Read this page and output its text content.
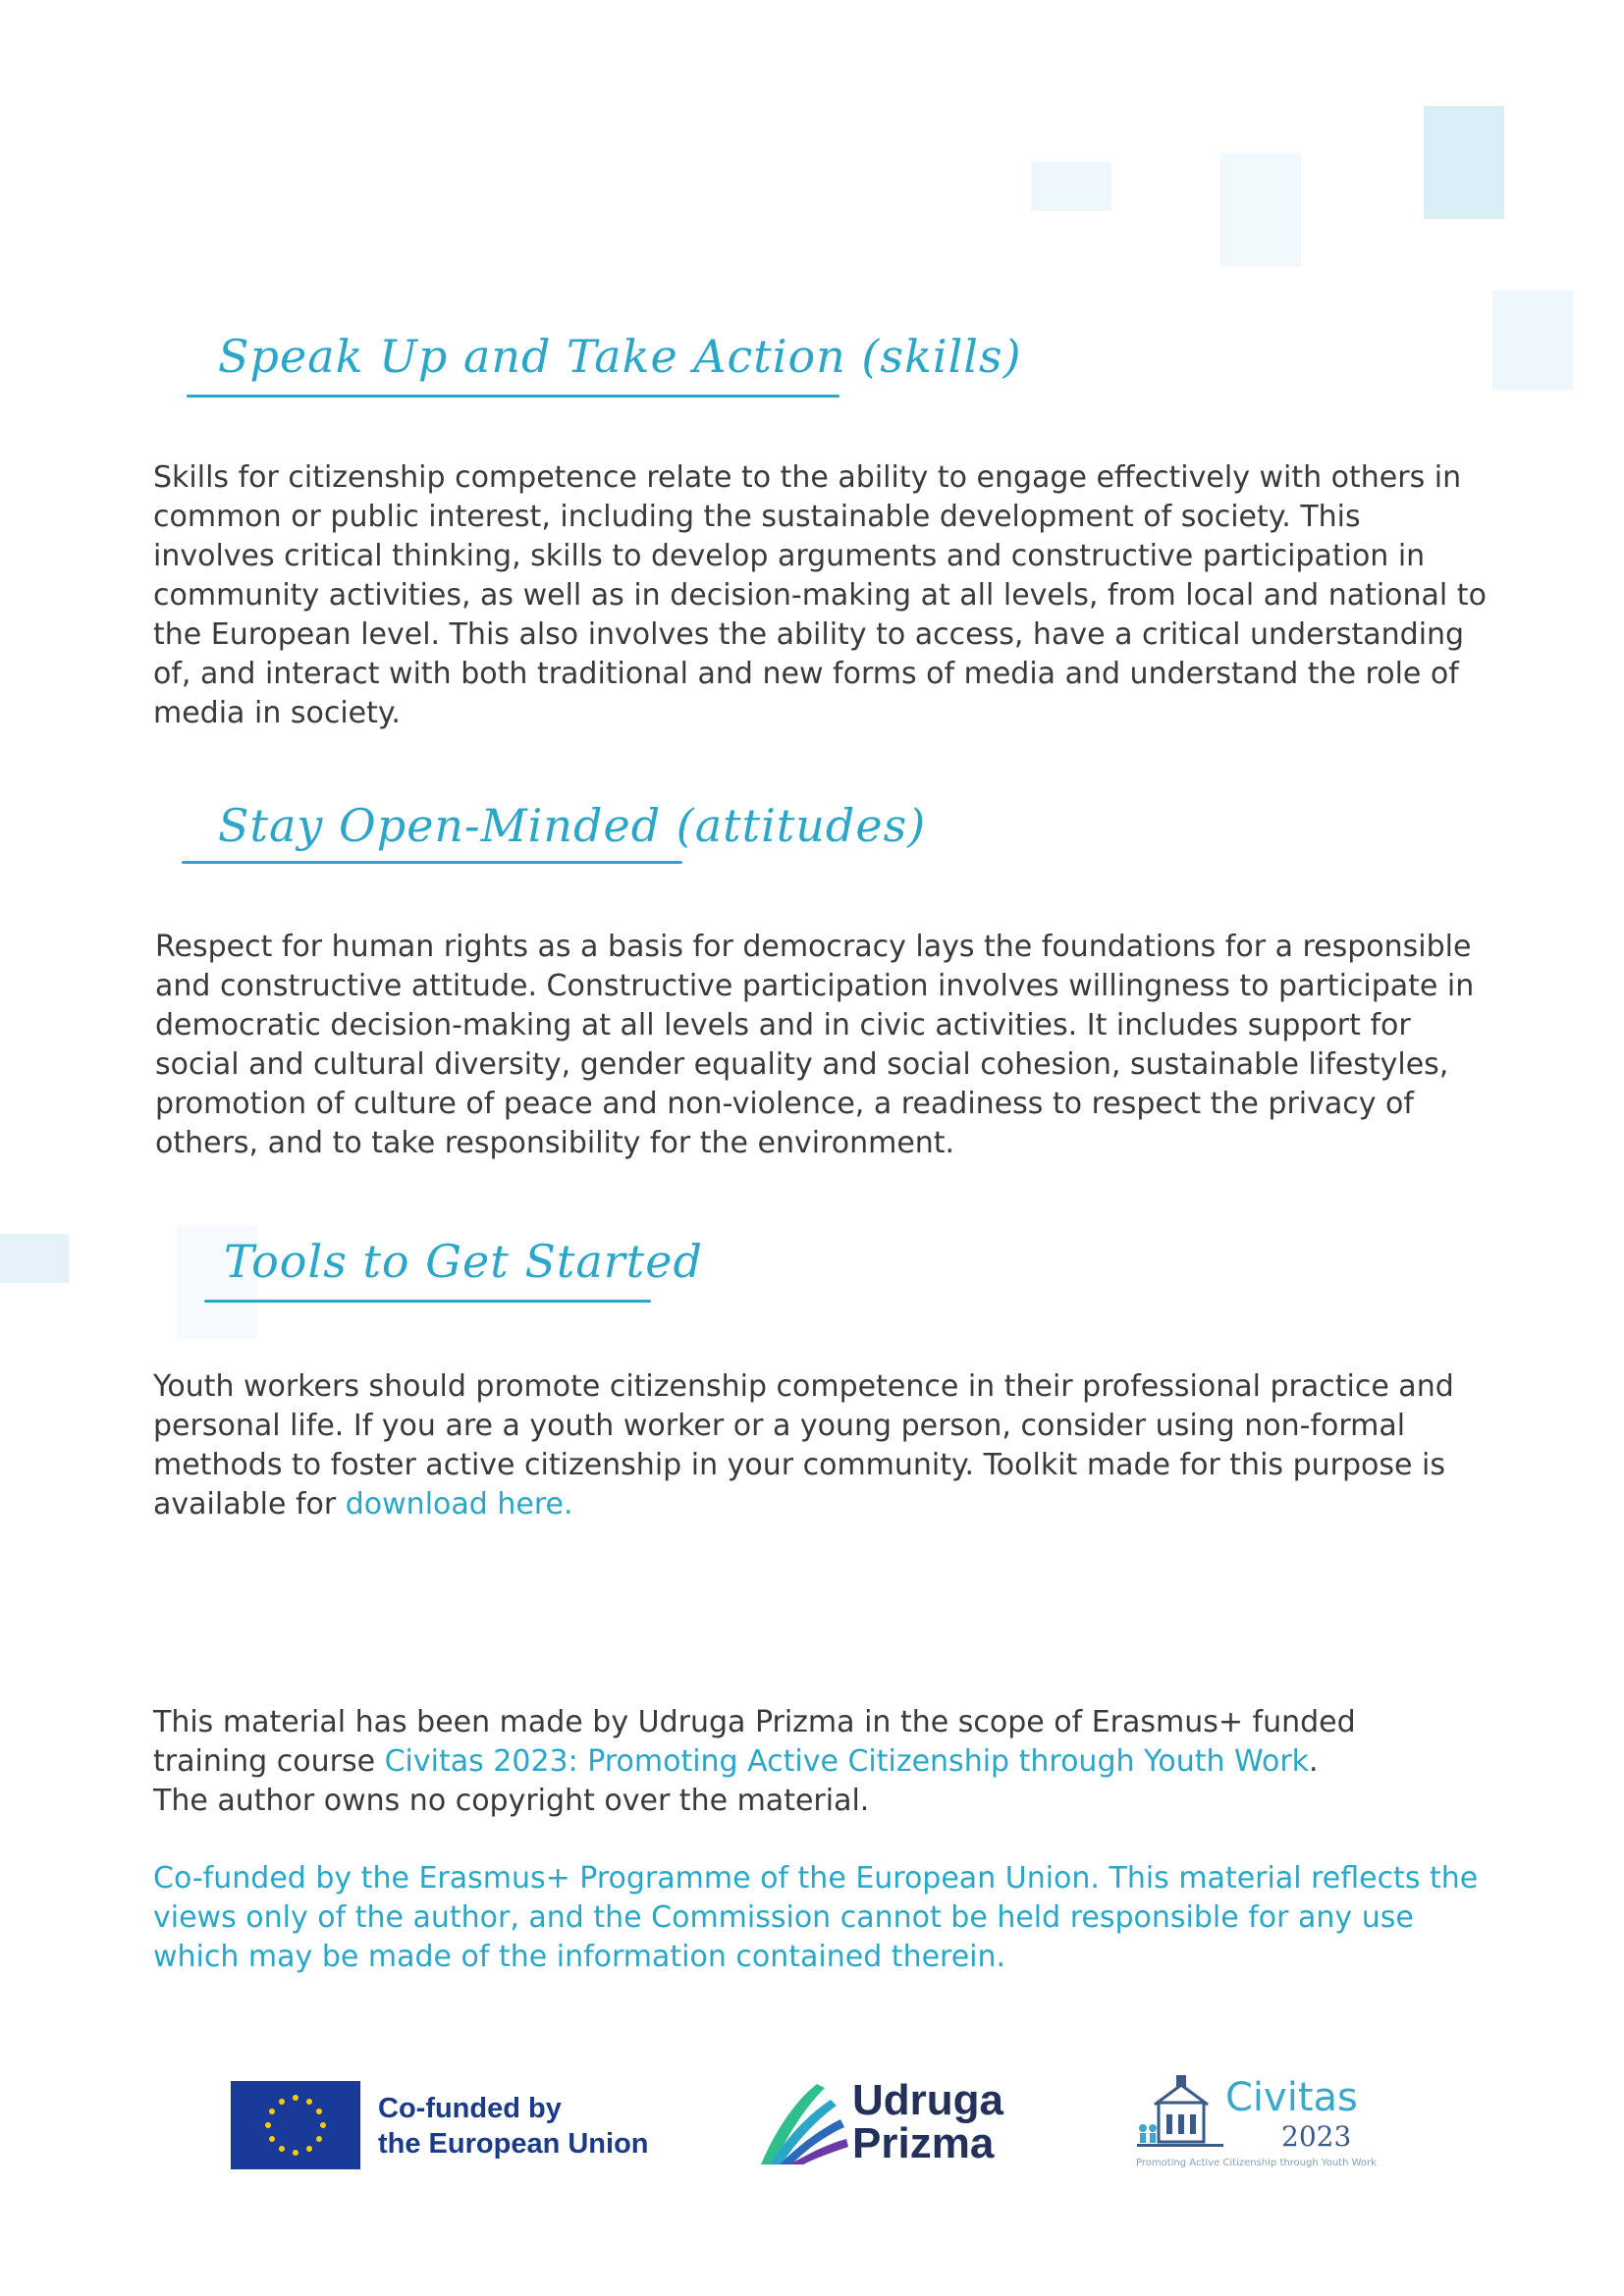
Speak Up and Take Action (skills)
Skills for citizenship competence relate to the ability to engage effectively with others in common or public interest, including the sustainable development of society. This involves critical thinking, skills to develop arguments and constructive participation in community activities, as well as in decision-making at all levels, from local and national to the European level. This also involves the ability to access, have a critical understanding of, and interact with both traditional and new forms of media and understand the role of media in society.
Stay Open-Minded (attitudes)
Respect for human rights as a basis for democracy lays the foundations for a responsible and constructive attitude. Constructive participation involves willingness to participate in democratic decision-making at all levels and in civic activities. It includes support for social and cultural diversity, gender equality and social cohesion, sustainable lifestyles, promotion of culture of peace and non-violence, a readiness to respect the privacy of others, and to take responsibility for the environment.
Tools to Get Started
Youth workers should promote citizenship competence in their professional practice and personal life. If you are a youth worker or a young person, consider using non-formal methods to foster active citizenship in your community. Toolkit made for this purpose is available for download here.
This material has been made by Udruga Prizma in the scope of Erasmus+ funded training course Civitas 2023: Promoting Active Citizenship through Youth Work.
The author owns no copyright over the material.
Co-funded by the Erasmus+ Programme of the European Union. This material reflects the views only of the author, and the Commission cannot be held responsible for any use which may be made of the information contained therein.
Co-funded by
the European Union
Udruga
Prizma
Civitas
2023
Promoting Active Citizenship through Youth Work
